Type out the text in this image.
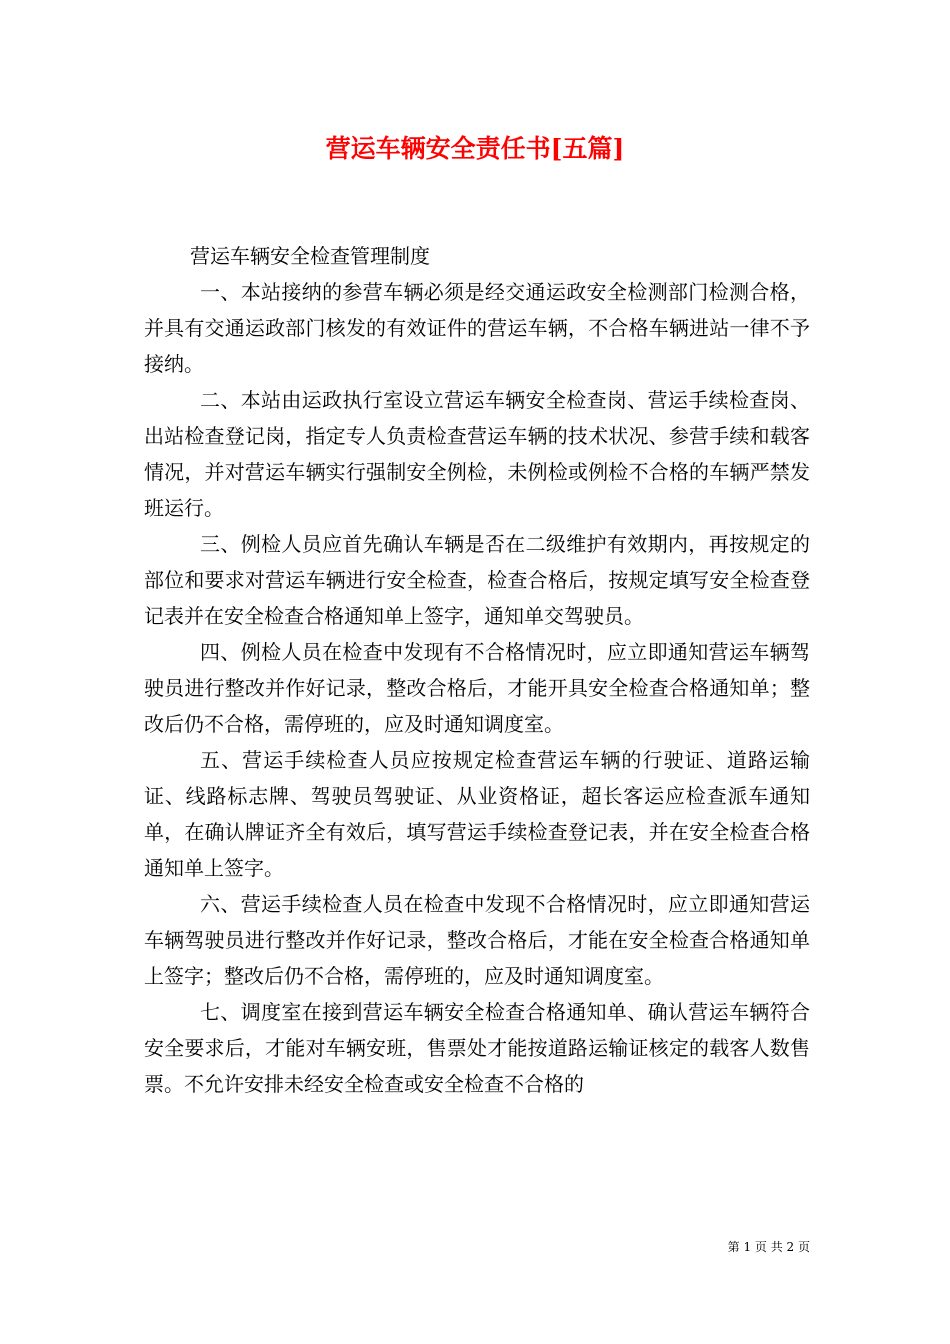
营运车辆安全责任书[五篇]

营运车辆安全检查管理制度

一、本站接纳的参营车辆必须是经交通运政安全检测部门检测合格，并具有交通运政部门核发的有效证件的营运车辆，不合格车辆进站一律不予接纳。

二、本站由运政执行室设立营运车辆安全检查岗、营运手续检查岗、出站检查登记岗，指定专人负责检查营运车辆的技术状况、参营手续和载客情况，并对营运车辆实行强制安全例检，未例检或例检不合格的车辆严禁发班运行。

三、例检人员应首先确认车辆是否在二级维护有效期内，再按规定的部位和要求对营运车辆进行安全检查，检查合格后，按规定填写安全检查登记表并在安全检查合格通知单上签字，通知单交驾驶员。

四、例检人员在检查中发现有不合格情况时，应立即通知营运车辆驾驶员进行整改并作好记录，整改合格后，才能开具安全检查合格通知单；整改后仍不合格，需停班的，应及时通知调度室。

五、营运手续检查人员应按规定检查营运车辆的行驶证、道路运输证、线路标志牌、驾驶员驾驶证、从业资格证，超长客运应检查派车通知单，在确认牌证齐全有效后，填写营运手续检查登记表，并在安全检查合格通知单上签字。

六、营运手续检查人员在检查中发现不合格情况时，应立即通知营运车辆驾驶员进行整改并作好记录，整改合格后，才能在安全检查合格通知单上签字；整改后仍不合格，需停班的，应及时通知调度室。

七、调度室在接到营运车辆安全检查合格通知单、确认营运车辆符合安全要求后，才能对车辆安班，售票处才能按道路运输证核定的载客人数售票。不允许安排未经安全检查或安全检查不合格的

第 1 页 共 2 页
